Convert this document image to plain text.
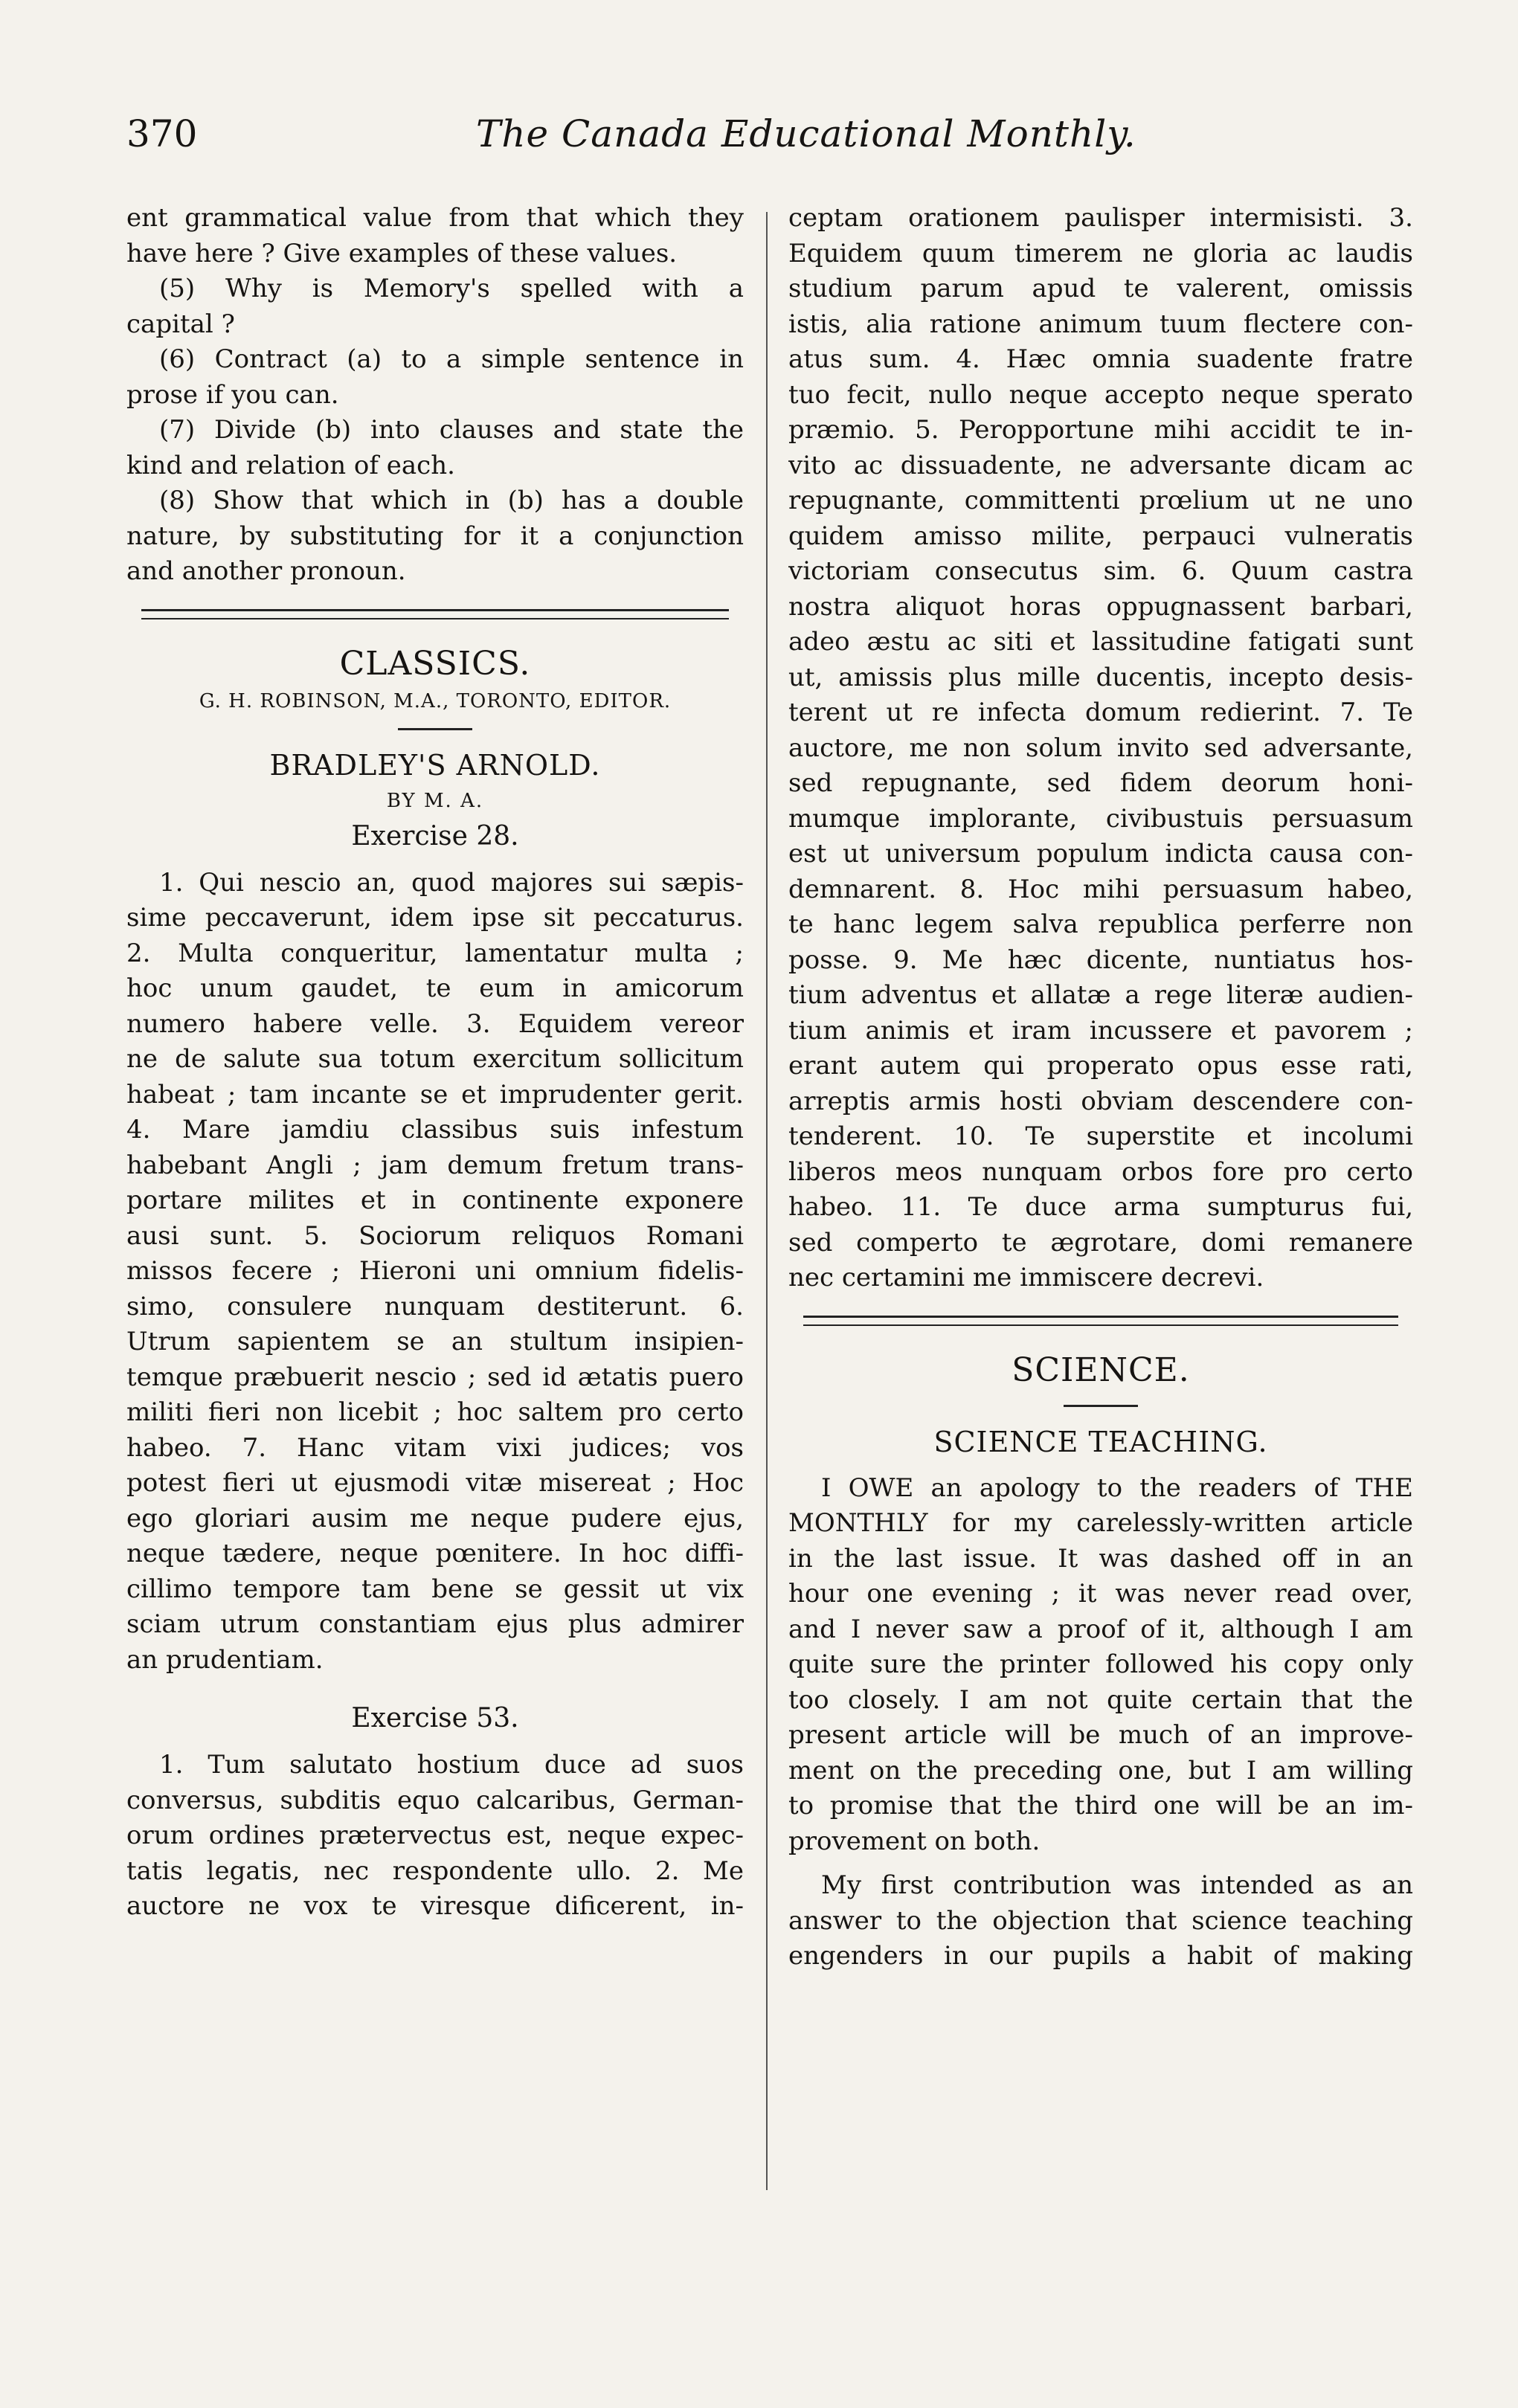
370	The Canada Educational Monthly.
ent grammatical value from that which they
have here ? Give examples of these values.
(5) Why is Memory's spelled with a
capital ?
(6) Contract (a) to a simple sentence in
prose if you can.
(7) Divide (b) into clauses and state the
kind and relation of each.
(8) Show that which in (b) has a double
nature, by substituting for it a conjunction
and another pronoun.
CLASSICS.
G. H. ROBINSON, M.A., TORONTO, EDITOR.
BRADLEY'S ARNOLD.
BY M. A.
Exercise 28.
1. Qui nescio an, quod majores sui sæpis-
sime peccaverunt, idem ipse sit peccaturus.
2. Multa conqueritur, lamentatur multa ;
hoc unum gaudet, te eum in amicorum
numero habere velle. 3. Equidem vereor
ne de salute sua totum exercitum sollicitum
habeat ; tam incante se et imprudenter gerit.
4. Mare jamdiu classibus suis infestum
habebant Angli ; jam demum fretum trans-
portare milites et in continente exponere
ausi sunt. 5. Sociorum reliquos Romani
missos fecere ; Hieroni uni omnium fidelis-
simo, consulere nunquam destiterunt. 6.
Utrum sapientem se an stultum insipien-
temque præbuerit nescio ; sed id ætatis puero
militi fieri non licebit ; hoc saltem pro certo
habeo. 7. Hanc vitam vixi judices; vos
potest fieri ut ejusmodi vitæ misereat ; Hoc
ego gloriari ausim me neque pudere ejus,
neque tædere, neque pœnitere. In hoc diffi-
cillimo tempore tam bene se gessit ut vix
sciam utrum constantiam ejus plus admirer
an prudentiam.
Exercise 53.
1. Tum salutato hostium duce ad suos
conversus, subditis equo calcaribus, German-
orum ordines prætervectus est, neque expec-
tatis legatis, nec respondente ullo. 2. Me
auctore ne vox te viresque dificerent, in-
ceptam orationem paulisper intermisisti. 3.
Equidem quum timerem ne gloria ac laudis
studium parum apud te valerent, omissis
istis, alia ratione animum tuum flectere con-
atus sum. 4. Hæc omnia suadente fratre
tuo fecit, nullo neque accepto neque sperato
præmio. 5. Peropportune mihi accidit te in-
vito ac dissuadente, ne adversante dicam ac
repugnante, committenti prœlium ut ne uno
quidem amisso milite, perpauci vulneratis
victoriam consecutus sim. 6. Quum castra
nostra aliquot horas oppugnassent barbari,
adeo æstu ac siti et lassitudine fatigati sunt
ut, amissis plus mille ducentis, incepto desis-
terent ut re infecta domum redierint. 7. Te
auctore, me non solum invito sed adversante,
sed repugnante, sed fidem deorum honi-
mumque implorante, civibustuis persuasum
est ut universum populum indicta causa con-
demnarent. 8. Hoc mihi persuasum habeo,
te hanc legem salva republica perferre non
posse. 9. Me hæc dicente, nuntiatus hos-
tium adventus et allatæ a rege literæ audien-
tium animis et iram incussere et pavorem ;
erant autem qui properato opus esse rati,
arreptis armis hosti obviam descendere con-
tenderent. 10. Te superstite et incolumi
liberos meos nunquam orbos fore pro certo
habeo. 11. Te duce arma sumpturus fui,
sed comperto te ægrotare, domi remanere
nec certamini me immiscere decrevi.
SCIENCE.
SCIENCE TEACHING.
I OWE an apology to the readers of THE
MONTHLY for my carelessly-written article
in the last issue. It was dashed off in an
hour one evening ; it was never read over,
and I never saw a proof of it, although I am
quite sure the printer followed his copy only
too closely. I am not quite certain that the
present article will be much of an improve-
ment on the preceding one, but I am willing
to promise that the third one will be an im-
provement on both.
My first contribution was intended as an
answer to the objection that science teaching
engenders in our pupils a habit of making
